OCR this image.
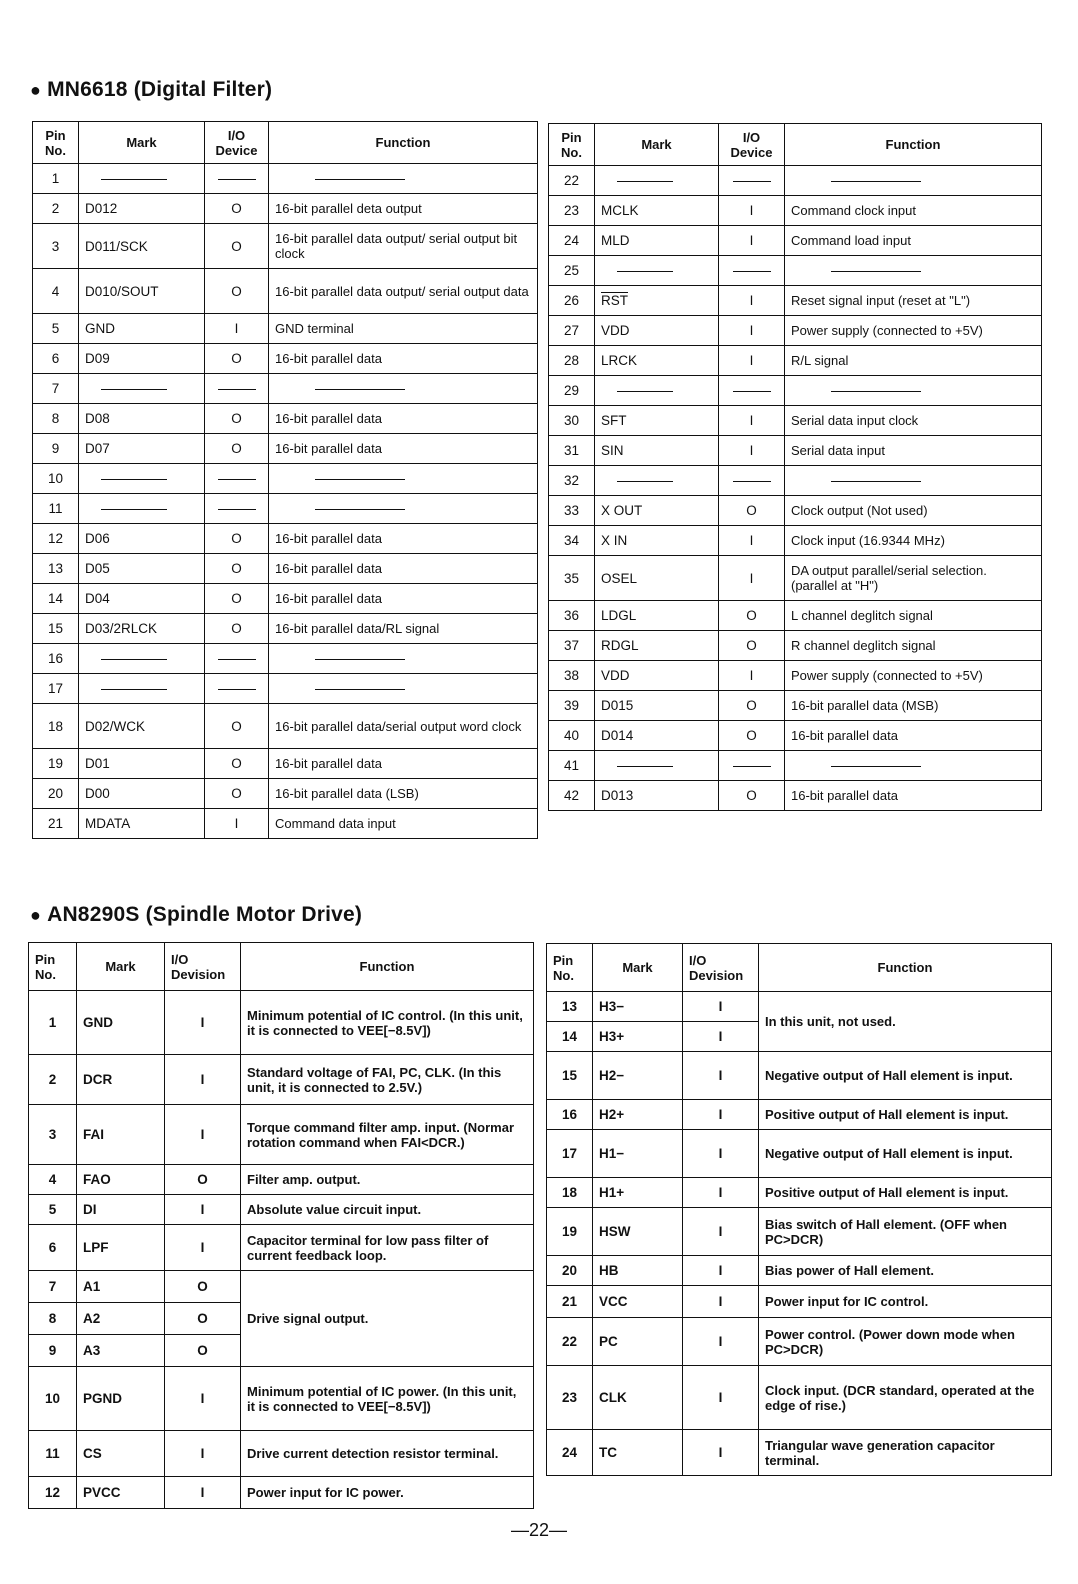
● MN6618 (Digital Filter)
Pin No.	Mark	I/O Device	Function
1			
2	D012	O	16-bit parallel deta output
3	D011/SCK	O	16-bit parallel data output/ serial output bit clock
4	D010/SOUT	O	16-bit parallel data output/ serial output data
5	GND	I	GND terminal
6	D09	O	16-bit parallel data
7			
8	D08	O	16-bit parallel data
9	D07	O	16-bit parallel data
10			
11			
12	D06	O	16-bit parallel data
13	D05	O	16-bit parallel data
14	D04	O	16-bit parallel data
15	D03/2RLCK	O	16-bit parallel data/RL signal
16			
17			
18	D02/WCK	O	16-bit parallel data/serial output word clock
19	D01	O	16-bit parallel data
20	D00	O	16-bit parallel data (LSB)
21	MDATA	I	Command data input
Pin No.	Mark	I/O Device	Function
22			
23	MCLK	I	Command clock input
24	MLD	I	Command load input
25			
26	$\overline{RST}$	I	Reset signal input (reset at "L")
27	VDD	I	Power supply (connected to +5V)
28	LRCK	I	R/L signal
29			
30	SFT	I	Serial data input clock
31	SIN	I	Serial data input
32			
33	X OUT	O	Clock output (Not used)
34	X IN	I	Clock input (16.9344 MHz)
35	OSEL	I	DA output parallel/serial selection. (parallel at "H")
36	LDGL	O	L channel deglitch signal
37	RDGL	O	R channel deglitch signal
38	VDD	I	Power supply (connected to +5V)
39	D015	O	16-bit parallel data (MSB)
40	D014	O	16-bit parallel data
41			
42	D013	O	16-bit parallel data
● AN8290S (Spindle Motor Drive)
Pin No.	Mark	I/O Devision	Function
1	GND	I	Minimum potential of IC control. (In this unit, it is connected to VEE[−8.5V])
2	DCR	I	Standard voltage of FAI, PC, CLK. (In this unit, it is connected to 2.5V.)
3	FAI	I	Torque command filter amp. input. (Normar rotation command when FAI<DCR.)
4	FAO	O	Filter amp. output.
5	DI	I	Absolute value circuit input.
6	LPF	I	Capacitor terminal for low pass filter of current feedback loop.
7	A1	O	Drive signal output.
8	A2	O	
9	A3	O	
10	PGND	I	Minimum potential of IC power. (In this unit, it is connected to VEE[−8.5V])
11	CS	I	Drive current detection resistor terminal.
12	PVCC	I	Power input for IC power.
Pin No.	Mark	I/O Devision	Function
13	H3−	I	In this unit, not used.
14	H3+	I	
15	H2−	I	Negative output of Hall element is input.
16	H2+	I	Positive output of Hall element is input.
17	H1−	I	Negative output of Hall element is input.
18	H1+	I	Positive output of Hall element is input.
19	HSW	I	Bias switch of Hall element. (OFF when PC>DCR)
20	HB	I	Bias power of Hall element.
21	VCC	I	Power input for IC control.
22	PC	I	Power control. (Power down mode when PC>DCR)
23	CLK	I	Clock input. (DCR standard, operated at the edge of rise.)
24	TC	I	Triangular wave generation capacitor terminal.
—22—
